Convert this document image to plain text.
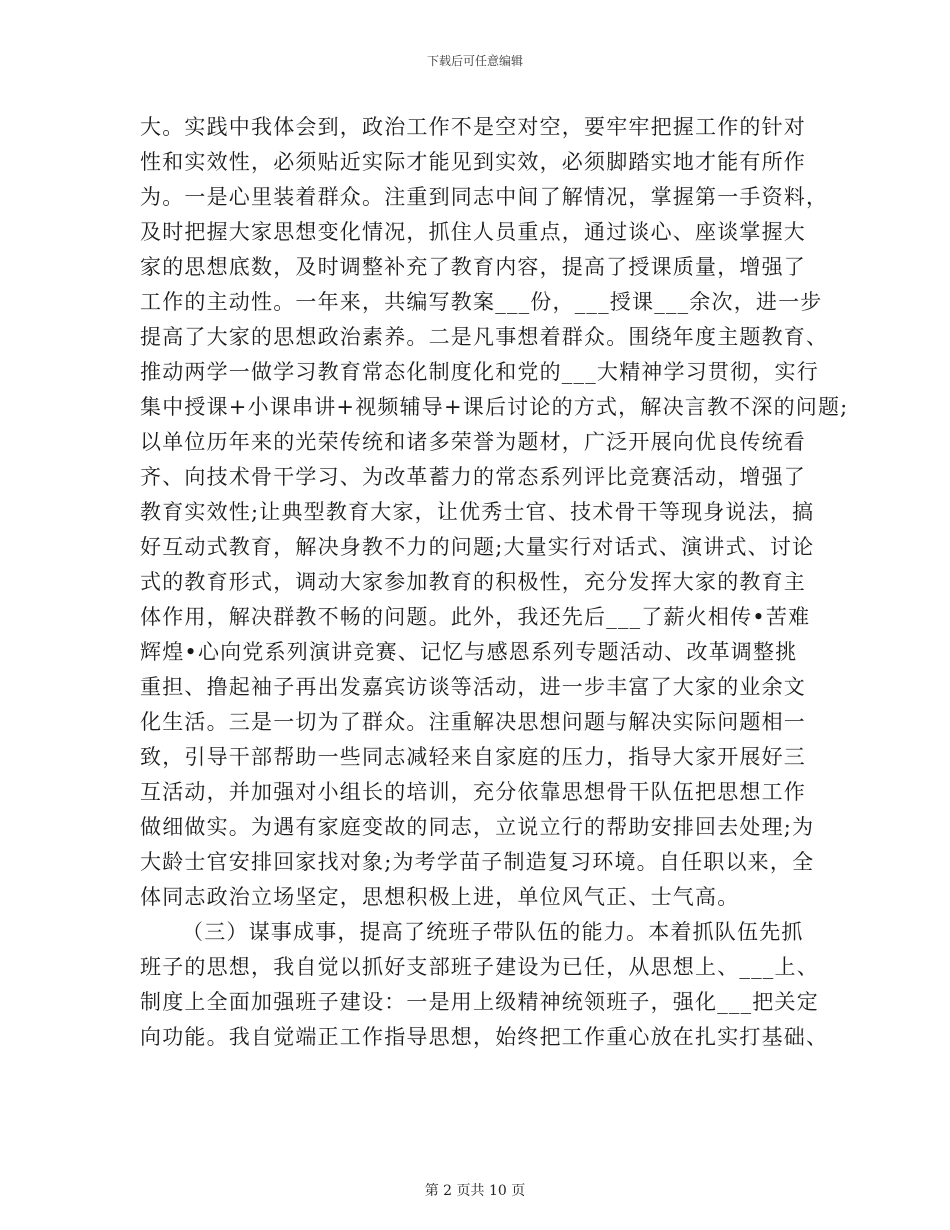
下载后可任意编辑
大。实践中我体会到，政治工作不是空对空，要牢牢把握工作的针对
性和实效性，必须贴近实际才能见到实效，必须脚踏实地才能有所作
为。一是心里装着群众。注重到同志中间了解情况，掌握第一手资料，
及时把握大家思想变化情况，抓住人员重点，通过谈心、座谈掌握大
家的思想底数，及时调整补充了教育内容，提高了授课质量，增强了
工作的主动性。一年来，共编写教案___份，___授课___余次，进一步
提高了大家的思想政治素养。二是凡事想着群众。围绕年度主题教育、
推动两学一做学习教育常态化制度化和党的___大精神学习贯彻，实行
集中授课+小课串讲+视频辅导+课后讨论的方式，解决言教不深的问题;
以单位历年来的光荣传统和诸多荣誉为题材，广泛开展向优良传统看
齐、向技术骨干学习、为改革蓄力的常态系列评比竞赛活动，增强了
教育实效性;让典型教育大家，让优秀士官、技术骨干等现身说法，搞
好互动式教育，解决身教不力的问题;大量实行对话式、演讲式、讨论
式的教育形式，调动大家参加教育的积极性，充分发挥大家的教育主
体作用，解决群教不畅的问题。此外，我还先后___了薪火相传•苦难
辉煌•心向党系列演讲竞赛、记忆与感恩系列专题活动、改革调整挑
重担、撸起袖子再出发嘉宾访谈等活动，进一步丰富了大家的业余文
化生活。三是一切为了群众。注重解决思想问题与解决实际问题相一
致，引导干部帮助一些同志减轻来自家庭的压力，指导大家开展好三
互活动，并加强对小组长的培训，充分依靠思想骨干队伍把思想工作
做细做实。为遇有家庭变故的同志，立说立行的帮助安排回去处理;为
大龄士官安排回家找对象;为考学苗子制造复习环境。自任职以来，全
体同志政治立场坚定，思想积极上进，单位风气正、士气高。
（三）谋事成事，提高了统班子带队伍的能力。本着抓队伍先抓
班子的思想，我自觉以抓好支部班子建设为已任，从思想上、___上、
制度上全面加强班子建设：一是用上级精神统领班子，强化___把关定
向功能。我自觉端正工作指导思想，始终把工作重心放在扎实打基础、
第 2 页共 10 页
